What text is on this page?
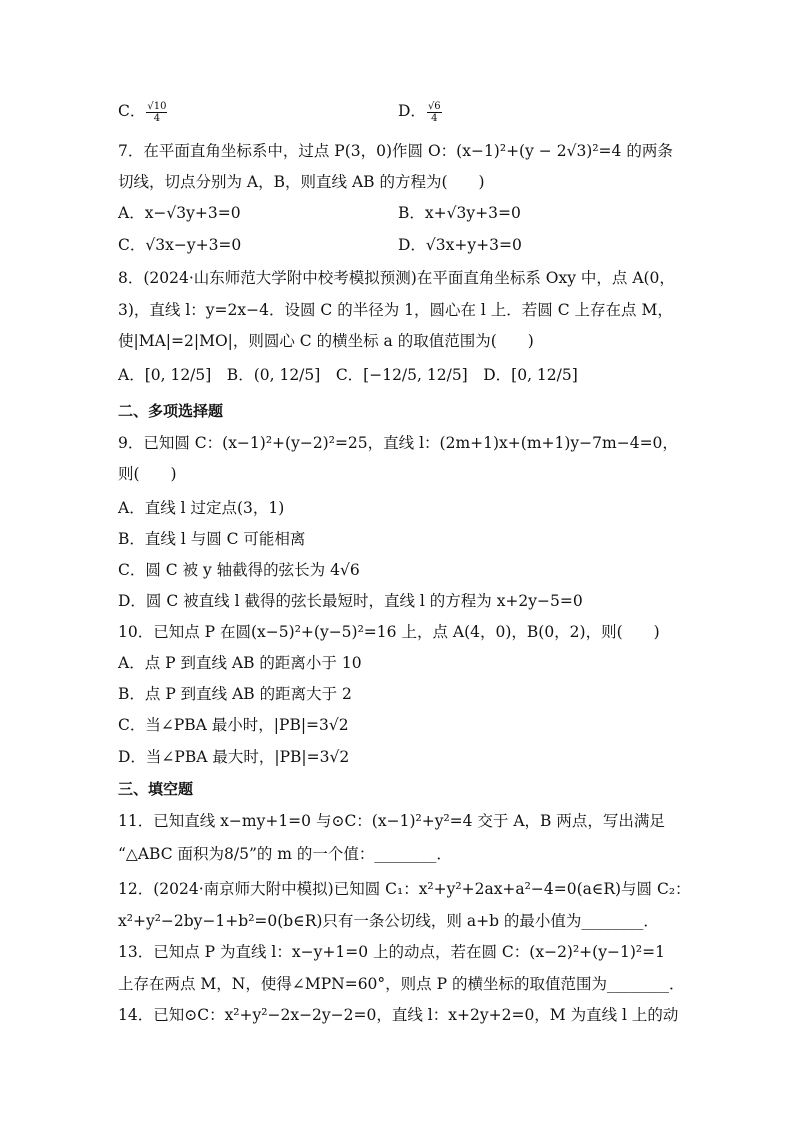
C． $\frac{√10}{4}$	D． $\frac{√6}{4}$
7．在平面直角坐标系中，过点 P(3，0)作圆 O：(x−1)²+(y − 2√3)²=4 的两条
切线，切点分别为 A，B，则直线 AB 的方程为(　　)
A．x−√3y+3=0	B．x+√3y+3=0
C．√3x−y+3=0	D．√3x+y+3=0
8．(2024·山东师范大学附中校考模拟预测)在平面直角坐标系 Oxy 中，点 A(0，
3)，直线 l：y=2x−4．设圆 C 的半径为 1，圆心在 l 上．若圆 C 上存在点 M，
使|MA|=2|MO|，则圆心 C 的横坐标 a 的取值范围为(　　)
A．[0, 12/5]　B．(0, 12/5]　C．[−12/5, 12/5]　D．[0, 12/5]
二、多项选择题
9．已知圆 C：(x−1)²+(y−2)²=25，直线 l：(2m+1)x+(m+1)y−7m−4=0，
则(　　)
A．直线 l 过定点(3，1)
B．直线 l 与圆 C 可能相离
C．圆 C 被 y 轴截得的弦长为 4√6
D．圆 C 被直线 l 截得的弦长最短时，直线 l 的方程为 x+2y−5=0
10．已知点 P 在圆(x−5)²+(y−5)²=16 上，点 A(4，0)，B(0，2)，则(　　)
A．点 P 到直线 AB 的距离小于 10
B．点 P 到直线 AB 的距离大于 2
C．当∠PBA 最小时，|PB|=3√2
D．当∠PBA 最大时，|PB|=3√2
三、填空题
11．已知直线 x−my+1=0 与⊙C：(x−1)²+y²=4 交于 A，B 两点，写出满足
“△ABC 面积为8/5”的 m 的一个值：________．
12．(2024·南京师大附中模拟)已知圆 C₁：x²+y²+2ax+a²−4=0(a∈R)与圆 C₂：
x²+y²−2by−1+b²=0(b∈R)只有一条公切线，则 a+b 的最小值为________．
13．已知点 P 为直线 l：x−y+1=0 上的动点，若在圆 C：(x−2)²+(y−1)²=1
上存在两点 M，N，使得∠MPN=60°，则点 P 的横坐标的取值范围为________．
14．已知⊙C：x²+y²−2x−2y−2=0，直线 l：x+2y+2=0，M 为直线 l 上的动
